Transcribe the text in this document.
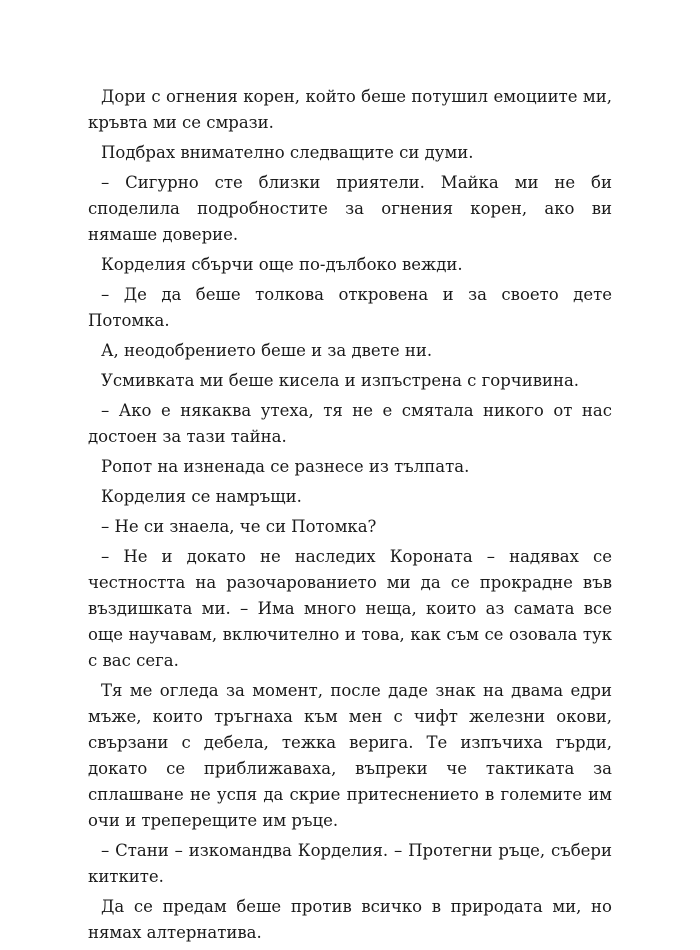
Дори с огнения корен, който беше потушил емоциите ми, кръвта ми се смрази.

Подбрах внимателно следващите си думи.

– Сигурно сте близки приятели. Майка ми не би споделила подробностите за огнения корен, ако ви нямаше доверие.

Корделия сбърчи още по-дълбоко вежди.

– Де да беше толкова откровена и за своето дете Потомка.

А, неодобрението беше и за двете ни.

Усмивката ми беше кисела и изпъстрена с горчивина.

– Ако е някаква утеха, тя не е смятала никого от нас достоен за тази тайна.

Ропот на изненада се разнесе из тълпата.

Корделия се намръщи.

– Не си знаела, че си Потомка?

– Не и докато не наследих Короната – надявах се честността на разочарованието ми да се прокрадне във въздишката ми. – Има много неща, които аз самата все още научавам, включително и това, как съм се озовала тук с вас сега.

Тя ме огледа за момент, после даде знак на двама едри мъже, които тръгнаха към мен с чифт железни окови, свързани с дебела, тежка верига. Те изпъчиха гърди, докато се приближаваха, въпреки че тактиката за сплашване не успя да скрие притеснението в големите им очи и треперещите им ръце.

– Стани – изкомандва Корделия. – Протегни ръце, събери китките.

Да се предам беше против всичко в природата ми, но нямах алтернатива.
